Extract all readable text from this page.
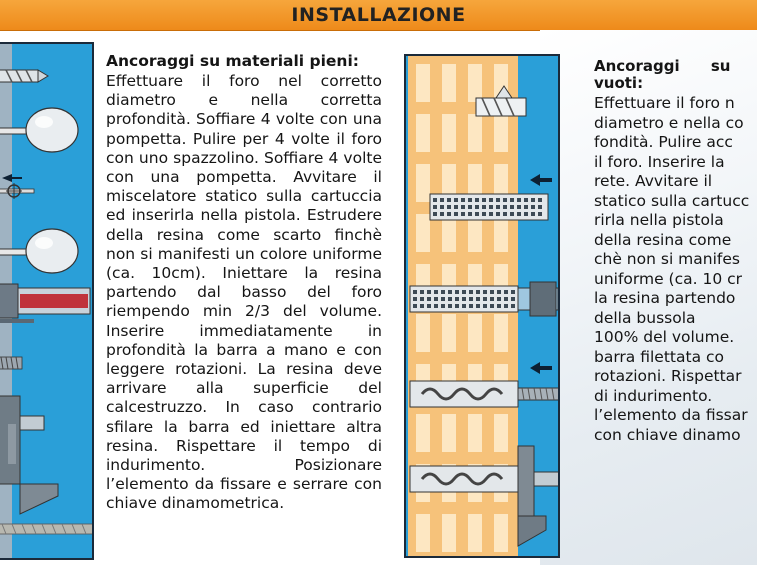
INSTALLAZIONE

Ancoraggi su materiali pieni:

Effettuare il foro nel corretto diametro e nella corretta profondità. Soffiare 4 volte con una pompetta. Pulire per 4 volte il foro con uno spazzolino. Soffiare 4 volte con una pompetta. Avvitare il miscelatore statico sulla cartuccia ed inserirla nella pistola. Estrudere della resina come scarto finchè non si manifesti un colore uniforme (ca. 10cm). Iniettare la resina partendo dal basso del foro riempendo min 2/3 del volume. Inserire immediatamente in profondità la barra a mano e con leggere rotazioni. La resina deve arrivare alla superficie del calcestruzzo. In caso contrario sfilare la barra ed iniettare altra resina. Rispettare il tempo di indurimento. Posizionare l’elemento da fissare e serrare con chiave dinamometrica.

Ancoraggi su
vuoti:
Effettuare il foro n
diametro e nella co
fondità. Pulire acc
il foro. Inserire la
rete. Avvitare il
statico sulla cartucc
rirla nella pistola
della resina come
chè non si manifes
uniforme (ca. 10 cr
la resina partendo
della bussola
100% del volume.
barra filettata co
rotazioni. Rispettar
di indurimento.
l’elemento da fissar
con chiave dinamo
